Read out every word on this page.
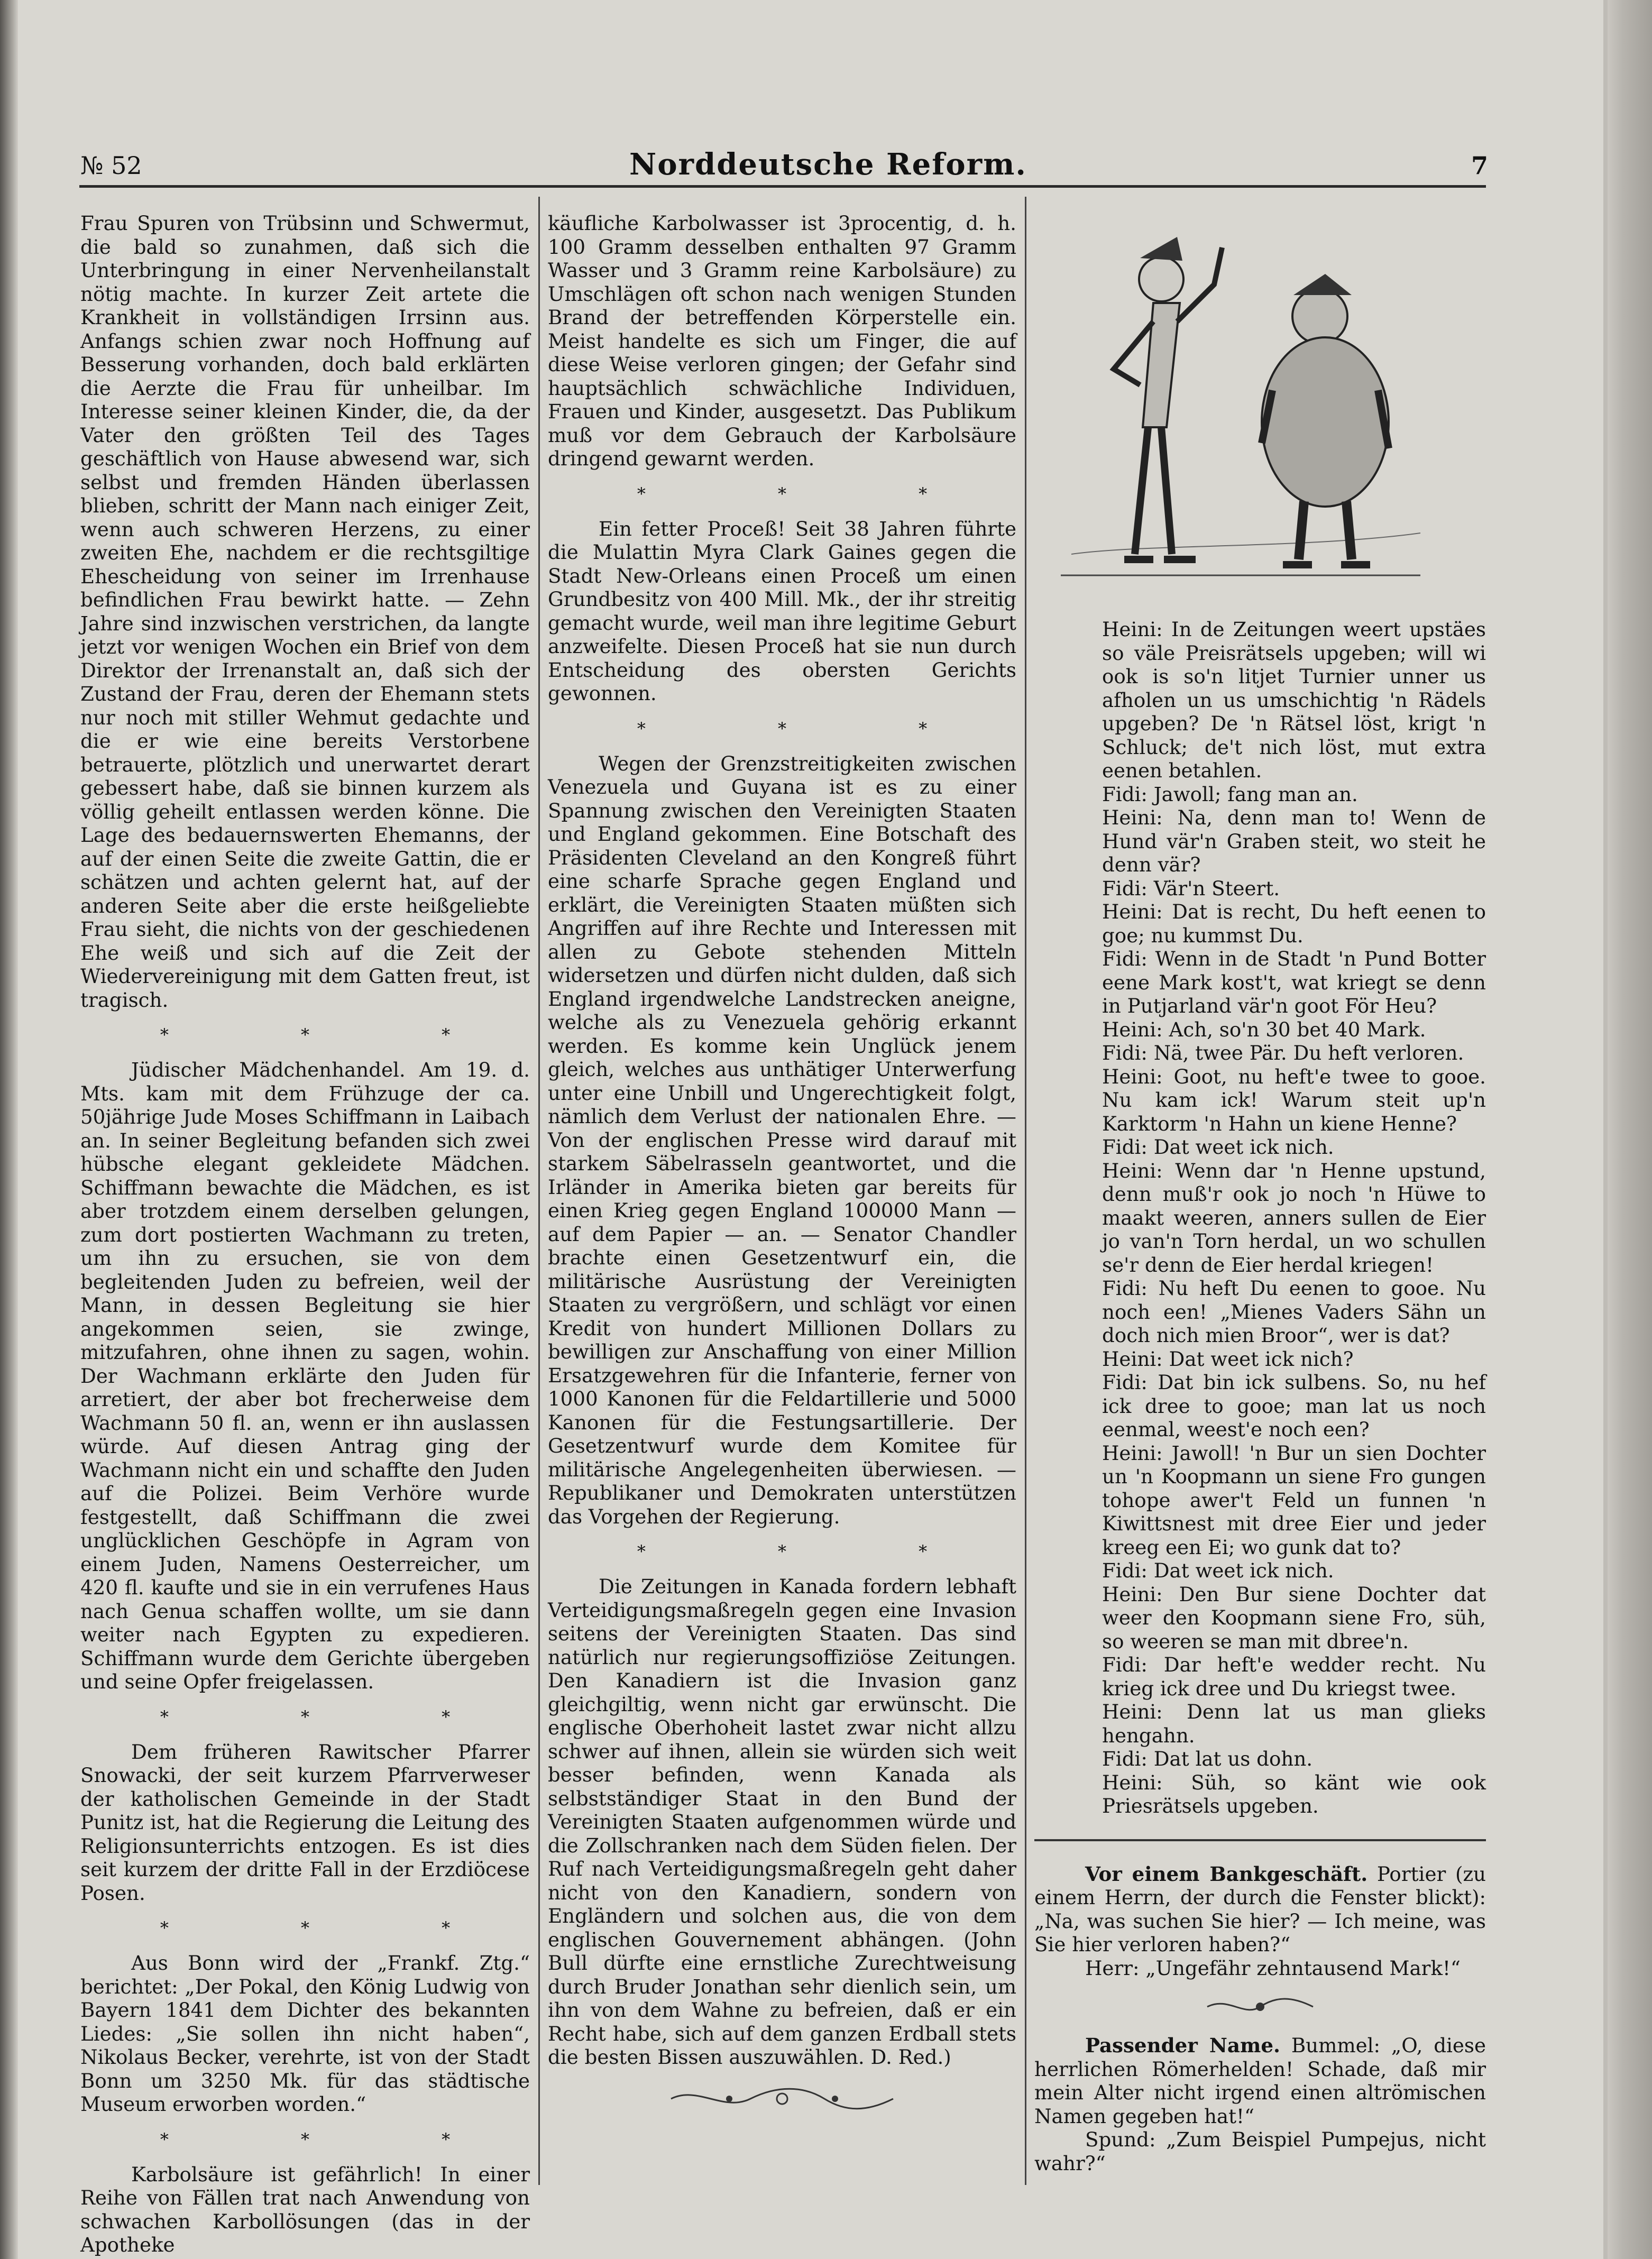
№ 52	Norddeutsche Reform.	7

Frau Spuren von Trübsinn und Schwermut, die bald so zunahmen, daß sich die Unterbringung in einer Nervenheilanstalt nötig machte. In kurzer Zeit artete die Krankheit in vollständigen Irrsinn aus. Anfangs schien zwar noch Hoffnung auf Besserung vorhanden, doch bald erklärten die Aerzte die Frau für unheilbar. Im Interesse seiner kleinen Kinder, die, da der Vater den größten Teil des Tages geschäftlich von Hause abwesend war, sich selbst und fremden Händen überlassen blieben, schritt der Mann nach einiger Zeit, wenn auch schweren Herzens, zu einer zweiten Ehe, nachdem er die rechtsgiltige Ehescheidung von seiner im Irrenhause befindlichen Frau bewirkt hatte. — Zehn Jahre sind inzwischen verstrichen, da langte jetzt vor wenigen Wochen ein Brief von dem Direktor der Irrenanstalt an, daß sich der Zustand der Frau, deren der Ehemann stets nur noch mit stiller Wehmut gedachte und die er wie eine bereits Verstorbene betrauerte, plötzlich und unerwartet derart gebessert habe, daß sie binnen kurzem als völlig geheilt entlassen werden könne. Die Lage des bedauernswerten Ehemanns, der auf der einen Seite die zweite Gattin, die er schätzen und achten gelernt hat, auf der anderen Seite aber die erste heißgeliebte Frau sieht, die nichts von der geschiedenen Ehe weiß und sich auf die Zeit der Wiedervereinigung mit dem Gatten freut, ist tragisch.

* * *

Jüdischer Mädchenhandel. Am 19. d. Mts. kam mit dem Frühzuge der ca. 50jährige Jude Moses Schiffmann in Laibach an. In seiner Begleitung befanden sich zwei hübsche elegant gekleidete Mädchen. Schiffmann bewachte die Mädchen, es ist aber trotzdem einem derselben gelungen, zum dort postierten Wachmann zu treten, um ihn zu ersuchen, sie von dem begleitenden Juden zu befreien, weil der Mann, in dessen Begleitung sie hier angekommen seien, sie zwinge, mitzufahren, ohne ihnen zu sagen, wohin. Der Wachmann erklärte den Juden für arretiert, der aber bot frecherweise dem Wachmann 50 fl. an, wenn er ihn auslassen würde. Auf diesen Antrag ging der Wachmann nicht ein und schaffte den Juden auf die Polizei. Beim Verhöre wurde festgestellt, daß Schiffmann die zwei unglücklichen Geschöpfe in Agram von einem Juden, Namens Oesterreicher, um 420 fl. kaufte und sie in ein verrufenes Haus nach Genua schaffen wollte, um sie dann weiter nach Egypten zu expedieren. Schiffmann wurde dem Gerichte übergeben und seine Opfer freigelassen.

* * *

Dem früheren Rawitscher Pfarrer Snowacki, der seit kurzem Pfarrverweser der katholischen Gemeinde in der Stadt Punitz ist, hat die Regierung die Leitung des Religionsunterrichts entzogen. Es ist dies seit kurzem der dritte Fall in der Erzdiöcese Posen.

* * *

Aus Bonn wird der „Frankf. Ztg.“ berichtet: „Der Pokal, den König Ludwig von Bayern 1841 dem Dichter des bekannten Liedes: „Sie sollen ihn nicht haben“, Nikolaus Becker, verehrte, ist von der Stadt Bonn um 3250 Mk. für das städtische Museum erworben worden.“

* * *

Karbolsäure ist gefährlich! In einer Reihe von Fällen trat nach Anwendung von schwachen Karbollösungen (das in der Apotheke

käufliche Karbolwasser ist 3procentig, d. h. 100 Gramm desselben enthalten 97 Gramm Wasser und 3 Gramm reine Karbolsäure) zu Umschlägen oft schon nach wenigen Stunden Brand der betreffenden Körperstelle ein. Meist handelte es sich um Finger, die auf diese Weise verloren gingen; der Gefahr sind hauptsächlich schwächliche Individuen, Frauen und Kinder, ausgesetzt. Das Publikum muß vor dem Gebrauch der Karbolsäure dringend gewarnt werden.

* * *

Ein fetter Proceß! Seit 38 Jahren führte die Mulattin Myra Clark Gaines gegen die Stadt New-Orleans einen Proceß um einen Grundbesitz von 400 Mill. Mk., der ihr streitig gemacht wurde, weil man ihre legitime Geburt anzweifelte. Diesen Proceß hat sie nun durch Entscheidung des obersten Gerichts gewonnen.

* * *

Wegen der Grenzstreitigkeiten zwischen Venezuela und Guyana ist es zu einer Spannung zwischen den Vereinigten Staaten und England gekommen. Eine Botschaft des Präsidenten Cleveland an den Kongreß führt eine scharfe Sprache gegen England und erklärt, die Vereinigten Staaten müßten sich Angriffen auf ihre Rechte und Interessen mit allen zu Gebote stehenden Mitteln widersetzen und dürfen nicht dulden, daß sich England irgendwelche Landstrecken aneigne, welche als zu Venezuela gehörig erkannt werden. Es komme kein Unglück jenem gleich, welches aus unthätiger Unterwerfung unter eine Unbill und Ungerechtigkeit folgt, nämlich dem Verlust der nationalen Ehre. — Von der englischen Presse wird darauf mit starkem Säbelrasseln geantwortet, und die Irländer in Amerika bieten gar bereits für einen Krieg gegen England 100000 Mann — auf dem Papier — an. — Senator Chandler brachte einen Gesetzentwurf ein, die militärische Ausrüstung der Vereinigten Staaten zu vergrößern, und schlägt vor einen Kredit von hundert Millionen Dollars zu bewilligen zur Anschaffung von einer Million Ersatzgewehren für die Infanterie, ferner von 1000 Kanonen für die Feldartillerie und 5000 Kanonen für die Festungsartillerie. Der Gesetzentwurf wurde dem Komitee für militärische Angelegenheiten überwiesen. — Republikaner und Demokraten unterstützen das Vorgehen der Regierung.

* * *

Die Zeitungen in Kanada fordern lebhaft Verteidigungsmaßregeln gegen eine Invasion seitens der Vereinigten Staaten. Das sind natürlich nur regierungsoffiziöse Zeitungen. Den Kanadiern ist die Invasion ganz gleichgiltig, wenn nicht gar erwünscht. Die englische Oberhoheit lastet zwar nicht allzu schwer auf ihnen, allein sie würden sich weit besser befinden, wenn Kanada als selbstständiger Staat in den Bund der Vereinigten Staaten aufgenommen würde und die Zollschranken nach dem Süden fielen. Der Ruf nach Verteidigungsmaßregeln geht daher nicht von den Kanadiern, sondern von Engländern und solchen aus, die von dem englischen Gouvernement abhängen. (John Bull dürfte eine ernstliche Zurechtweisung durch Bruder Jonathan sehr dienlich sein, um ihn von dem Wahne zu befreien, daß er ein Recht habe, sich auf dem ganzen Erdball stets die besten Bissen auszuwählen. D. Red.)

Heini: In de Zeitungen weert upstäes so väle Preisrätsels upgeben; will wi ook is so'n litjet Turnier unner us afholen un us umschichtig 'n Rädels upgeben? De 'n Rätsel löst, krigt 'n Schluck; de't nich löst, mut extra eenen betahlen.

Fidi: Jawoll; fang man an.

Heini: Na, denn man to! Wenn de Hund vär'n Graben steit, wo steit he denn vär?

Fidi: Vär'n Steert.

Heini: Dat is recht, Du heft eenen to goe; nu kummst Du.

Fidi: Wenn in de Stadt 'n Pund Botter eene Mark kost't, wat kriegt se denn in Putjarland vär'n goot För Heu?

Heini: Ach, so'n 30 bet 40 Mark.

Fidi: Nä, twee Pär. Du heft verloren.

Heini: Goot, nu heft'e twee to gooe. Nu kam ick! Warum steit up'n Karktorm 'n Hahn un kiene Henne?

Fidi: Dat weet ick nich.

Heini: Wenn dar 'n Henne upstund, denn muß'r ook jo noch 'n Hüwe to maakt weeren, anners sullen de Eier jo van'n Torn herdal, un wo schullen se'r denn de Eier herdal kriegen!

Fidi: Nu heft Du eenen to gooe. Nu noch een! „Mienes Vaders Sähn un doch nich mien Broor“, wer is dat?

Heini: Dat weet ick nich?

Fidi: Dat bin ick sulbens. So, nu hef ick dree to gooe; man lat us noch eenmal, weest'e noch een?

Heini: Jawoll! 'n Bur un sien Dochter un 'n Koopmann un siene Fro gungen tohope awer't Feld un funnen 'n Kiwittsnest mit dree Eier und jeder kreeg een Ei; wo gunk dat to?

Fidi: Dat weet ick nich.

Heini: Den Bur siene Dochter dat weer den Koopmann siene Fro, süh, so weeren se man mit dbree'n.

Fidi: Dar heft'e wedder recht. Nu krieg ick dree und Du kriegst twee.

Heini: Denn lat us man glieks hengahn.

Fidi: Dat lat us dohn.

Heini: Süh, so känt wie ook Priesrätsels upgeben.

Vor einem Bankgeschäft. Portier (zu einem Herrn, der durch die Fenster blickt): „Na, was suchen Sie hier? — Ich meine, was Sie hier verloren haben?“

Herr: „Ungefähr zehntausend Mark!“

Passender Name. Bummel: „O, diese herrlichen Römerhelden! Schade, daß mir mein Alter nicht irgend einen altrömischen Namen gegeben hat!“

Spund: „Zum Beispiel Pumpejus, nicht wahr?“
